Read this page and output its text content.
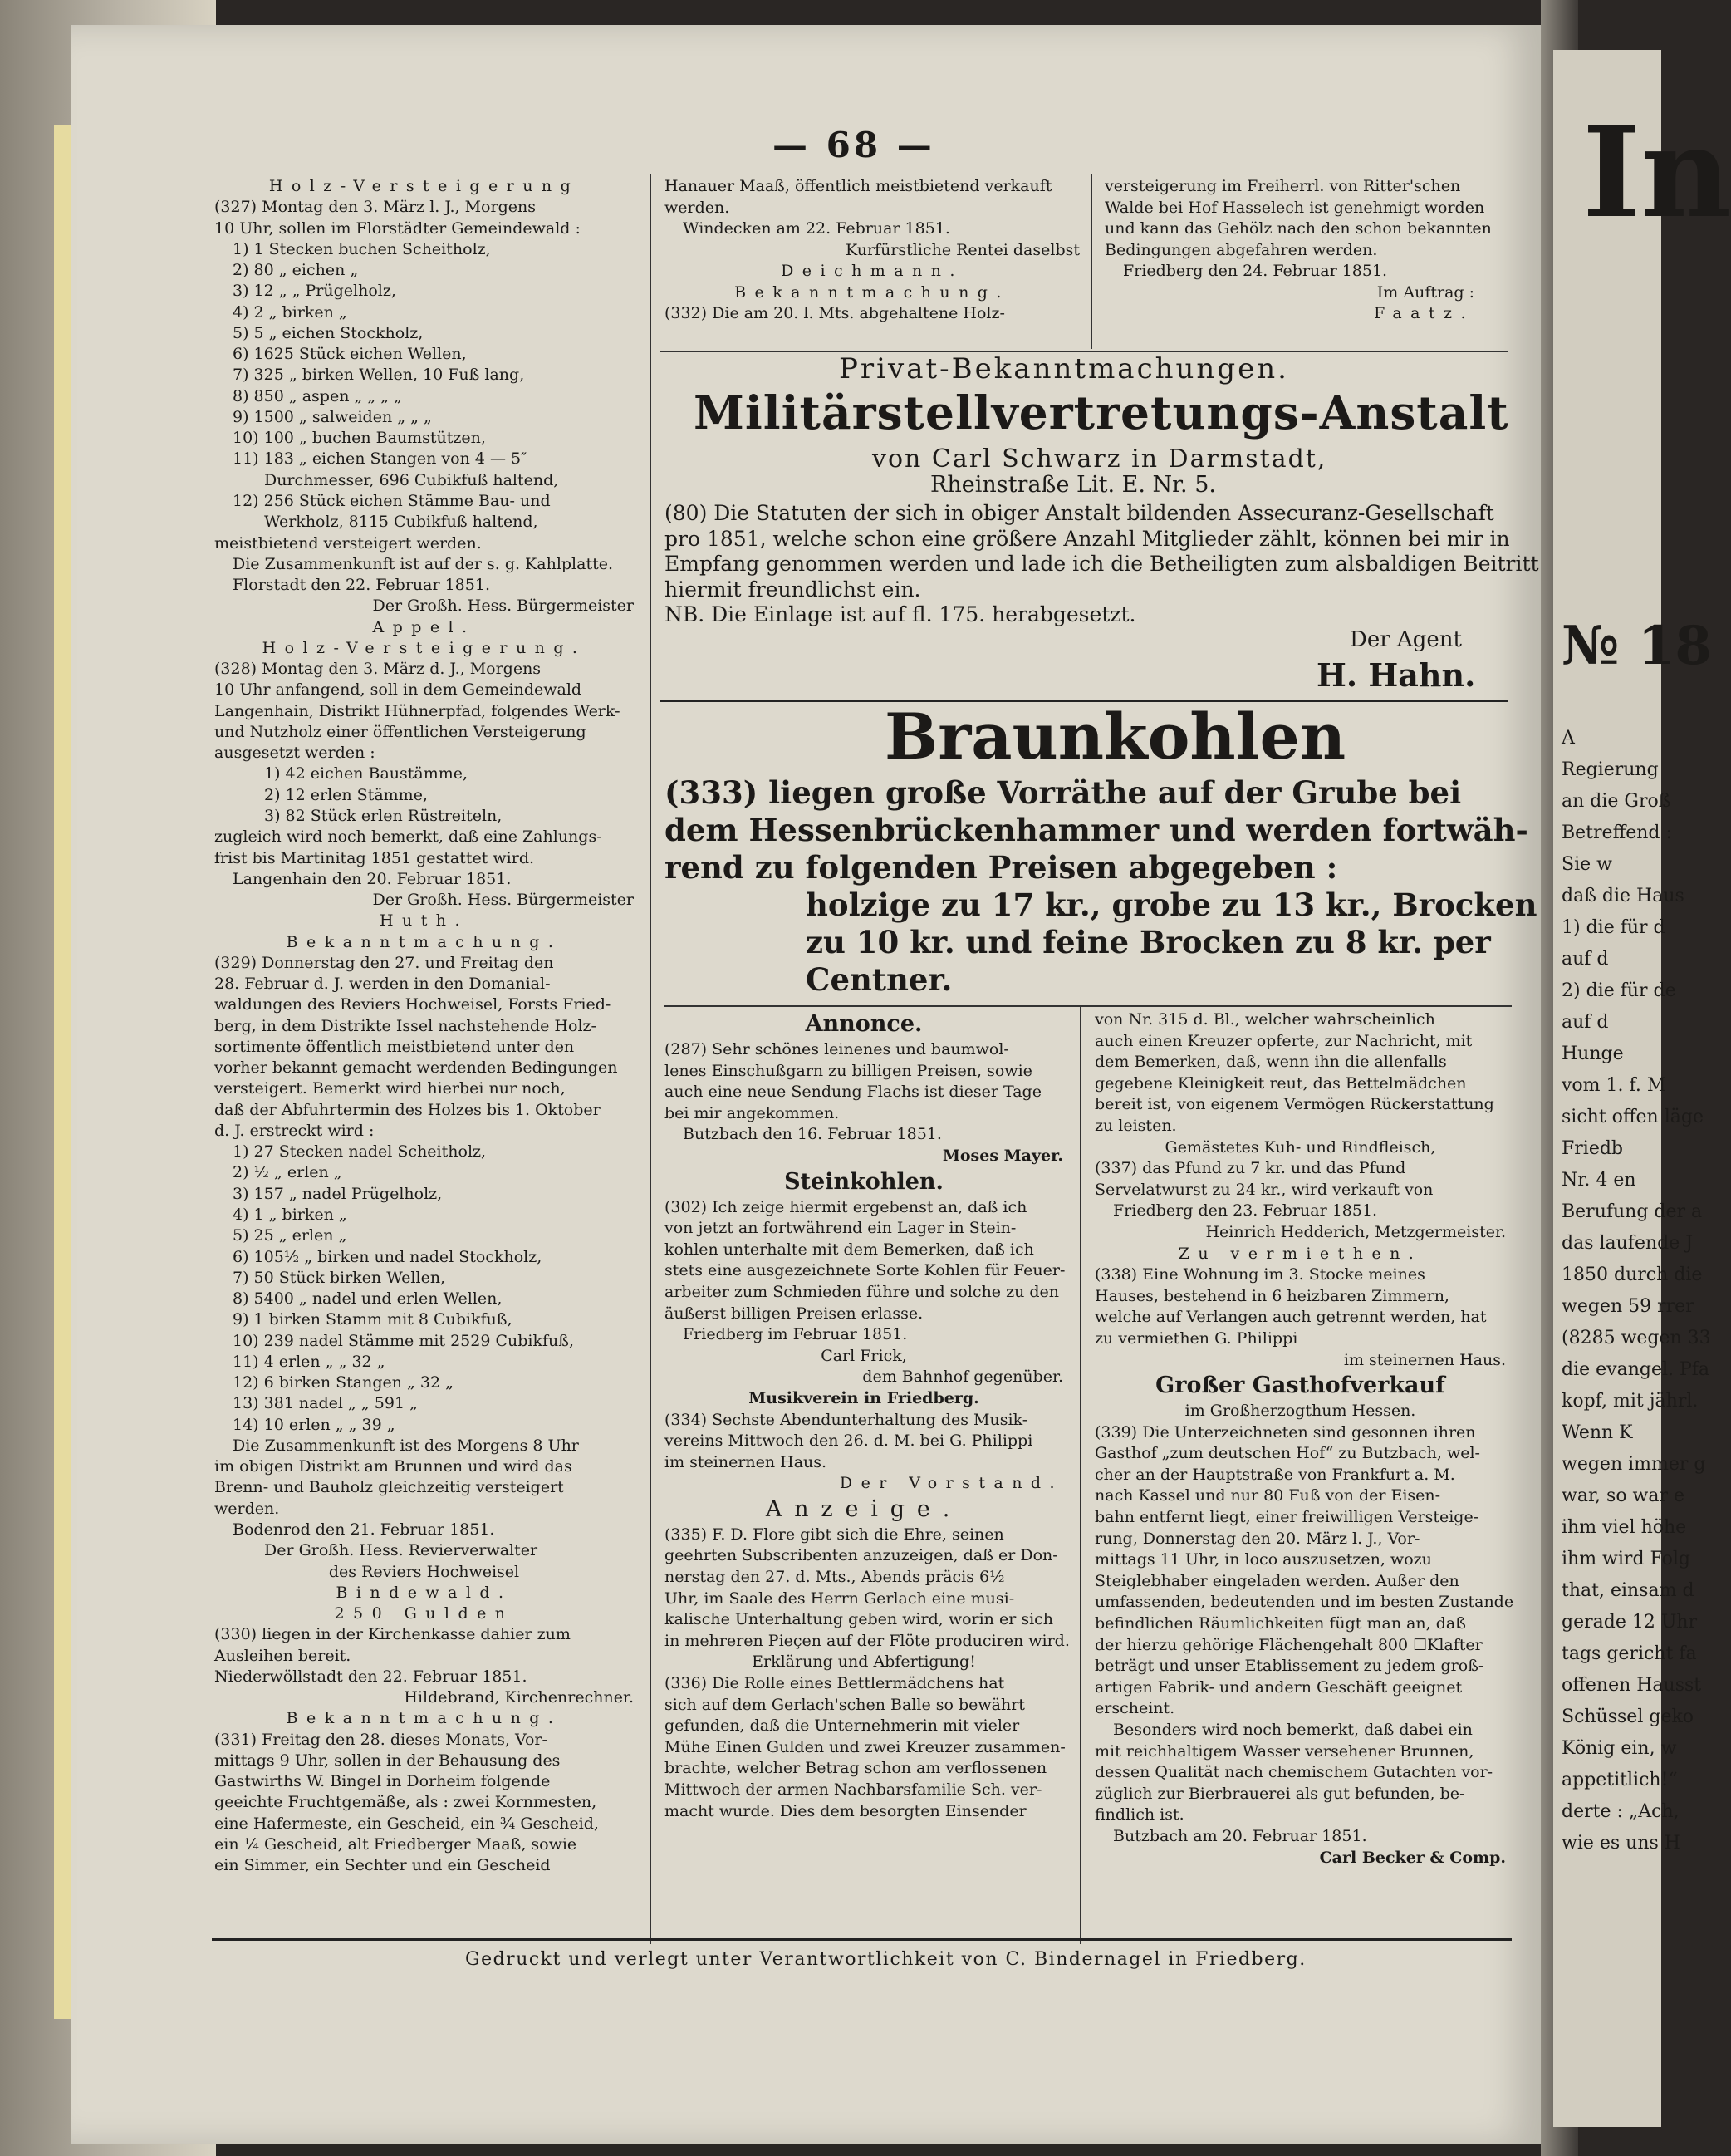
— 68 —
Holz-Versteigerung
(327) Montag den 3. März l. J., Morgens
10 Uhr, sollen im Florstädter Gemeindewald :
1) 1 Stecken buchen Scheitholz,
2) 80 „ eichen „
3) 12 „ „ Prügelholz,
4) 2 „ birken „
5) 5 „ eichen Stockholz,
6) 1625 Stück eichen Wellen,
7) 325 „ birken Wellen, 10 Fuß lang,
8) 850 „ aspen „ „ „ „
9) 1500 „ salweiden „ „ „
10) 100 „ buchen Baumstützen,
11) 183 „ eichen Stangen von 4 — 5″
Durchmesser, 696 Cubikfuß haltend,
12) 256 Stück eichen Stämme Bau- und
Werkholz, 8115 Cubikfuß haltend,
meistbietend versteigert werden.
Die Zusammenkunft ist auf der s. g. Kahlplatte.
Florstadt den 22. Februar 1851.
Der Großh. Hess. Bürgermeister
Appel.
Holz-Versteigerung.
(328) Montag den 3. März d. J., Morgens
10 Uhr anfangend, soll in dem Gemeindewald
Langenhain, Distrikt Hühnerpfad, folgendes Werk-
und Nutzholz einer öffentlichen Versteigerung
ausgesetzt werden :
1) 42 eichen Baustämme,
2) 12 erlen Stämme,
3) 82 Stück erlen Rüstreiteln,
zugleich wird noch bemerkt, daß eine Zahlungs-
frist bis Martinitag 1851 gestattet wird.
Langenhain den 20. Februar 1851.
Der Großh. Hess. Bürgermeister
Huth.
Bekanntmachung.
(329) Donnerstag den 27. und Freitag den
28. Februar d. J. werden in den Domanial-
waldungen des Reviers Hochweisel, Forsts Fried-
berg, in dem Distrikte Issel nachstehende Holz-
sortimente öffentlich meistbietend unter den
vorher bekannt gemacht werdenden Bedingungen
versteigert. Bemerkt wird hierbei nur noch,
daß der Abfuhrtermin des Holzes bis 1. Oktober
d. J. erstreckt wird :
1) 27 Stecken nadel Scheitholz,
2) ½ „ erlen „
3) 157 „ nadel Prügelholz,
4) 1 „ birken „
5) 25 „ erlen „
6) 105½ „ birken und nadel Stockholz,
7) 50 Stück birken Wellen,
8) 5400 „ nadel und erlen Wellen,
9) 1 birken Stamm mit 8 Cubikfuß,
10) 239 nadel Stämme mit 2529 Cubikfuß,
11) 4 erlen „ „ 32 „
12) 6 birken Stangen „ 32 „
13) 381 nadel „ „ 591 „
14) 10 erlen „ „ 39 „
Die Zusammenkunft ist des Morgens 8 Uhr
im obigen Distrikt am Brunnen und wird das
Brenn- und Bauholz gleichzeitig versteigert
werden.
Bodenrod den 21. Februar 1851.
Der Großh. Hess. Revierverwalter
des Reviers Hochweisel
Bindewald.
250 Gulden
(330) liegen in der Kirchenkasse dahier zum
Ausleihen bereit.
Niederwöllstadt den 22. Februar 1851.
Hildebrand, Kirchenrechner.
Bekanntmachung.
(331) Freitag den 28. dieses Monats, Vor-
mittags 9 Uhr, sollen in der Behausung des
Gastwirths W. Bingel in Dorheim folgende
geeichte Fruchtgemäße, als : zwei Kornmesten,
eine Hafermeste, ein Gescheid, ein ¾ Gescheid,
ein ¼ Gescheid, alt Friedberger Maaß, sowie
ein Simmer, ein Sechter und ein Gescheid
Hanauer Maaß, öffentlich meistbietend verkauft
werden.
Windecken am 22. Februar 1851.
Kurfürstliche Rentei daselbst
Deichmann.
Bekanntmachung.
(332) Die am 20. l. Mts. abgehaltene Holz-
versteigerung im Freiherrl. von Ritter'schen
Walde bei Hof Hasselech ist genehmigt worden
und kann das Gehölz nach den schon bekannten
Bedingungen abgefahren werden.
Friedberg den 24. Februar 1851.
Im Auftrag :
Faatz.
Privat-Bekanntmachungen.
Militärstellvertretungs-Anstalt
von Carl Schwarz in Darmstadt,
Rheinstraße Lit. E. Nr. 5.
(80) Die Statuten der sich in obiger Anstalt bildenden Assecuranz-Gesellschaft
pro 1851, welche schon eine größere Anzahl Mitglieder zählt, können bei mir in
Empfang genommen werden und lade ich die Betheiligten zum alsbaldigen Beitritt
hiermit freundlichst ein.
NB. Die Einlage ist auf fl. 175. herabgesetzt.
Der Agent
H. Hahn.
Braunkohlen
(333) liegen große Vorräthe auf der Grube bei
dem Hessenbrückenhammer und werden fortwäh-
rend zu folgenden Preisen abgegeben :
holzige zu 17 kr., grobe zu 13 kr., Brocken
zu 10 kr. und feine Brocken zu 8 kr. per
Centner.
Annonce.
(287) Sehr schönes leinenes und baumwol-
lenes Einschußgarn zu billigen Preisen, sowie
auch eine neue Sendung Flachs ist dieser Tage
bei mir angekommen.
Butzbach den 16. Februar 1851.
Moses Mayer.
Steinkohlen.
(302) Ich zeige hiermit ergebenst an, daß ich
von jetzt an fortwährend ein Lager in Stein-
kohlen unterhalte mit dem Bemerken, daß ich
stets eine ausgezeichnete Sorte Kohlen für Feuer-
arbeiter zum Schmieden führe und solche zu den
äußerst billigen Preisen erlasse.
Friedberg im Februar 1851.
Carl Frick,
dem Bahnhof gegenüber.
Musikverein in Friedberg.
(334) Sechste Abendunterhaltung des Musik-
vereins Mittwoch den 26. d. M. bei G. Philippi
im steinernen Haus.
Der Vorstand.
Anzeige.
(335) F. D. Flore gibt sich die Ehre, seinen
geehrten Subscribenten anzuzeigen, daß er Don-
nerstag den 27. d. Mts., Abends präcis 6½
Uhr, im Saale des Herrn Gerlach eine musi-
kalische Unterhaltung geben wird, worin er sich
in mehreren Pieçen auf der Flöte produciren wird.
Erklärung und Abfertigung!
(336) Die Rolle eines Bettlermädchens hat
sich auf dem Gerlach'schen Balle so bewährt
gefunden, daß die Unternehmerin mit vieler
Mühe Einen Gulden und zwei Kreuzer zusammen-
brachte, welcher Betrag schon am verflossenen
Mittwoch der armen Nachbarsfamilie Sch. ver-
macht wurde. Dies dem besorgten Einsender
von Nr. 315 d. Bl., welcher wahrscheinlich
auch einen Kreuzer opferte, zur Nachricht, mit
dem Bemerken, daß, wenn ihn die allenfalls
gegebene Kleinigkeit reut, das Bettelmädchen
bereit ist, von eigenem Vermögen Rückerstattung
zu leisten.
Gemästetes Kuh- und Rindfleisch,
(337) das Pfund zu 7 kr. und das Pfund
Servelatwurst zu 24 kr., wird verkauft von
Friedberg den 23. Februar 1851.
Heinrich Hedderich, Metzgermeister.
Zu vermiethen.
(338) Eine Wohnung im 3. Stocke meines
Hauses, bestehend in 6 heizbaren Zimmern,
welche auf Verlangen auch getrennt werden, hat
zu vermiethen G. Philippi
im steinernen Haus.
Großer Gasthofverkauf
im Großherzogthum Hessen.
(339) Die Unterzeichneten sind gesonnen ihren
Gasthof „zum deutschen Hof“ zu Butzbach, wel-
cher an der Hauptstraße von Frankfurt a. M.
nach Kassel und nur 80 Fuß von der Eisen-
bahn entfernt liegt, einer freiwilligen Versteige-
rung, Donnerstag den 20. März l. J., Vor-
mittags 11 Uhr, in loco auszusetzen, wozu
Steiglebhaber eingeladen werden. Außer den
umfassenden, bedeutenden und im besten Zustande
befindlichen Räumlichkeiten fügt man an, daß
der hierzu gehörige Flächengehalt 800 ☐Klafter
beträgt und unser Etablissement zu jedem groß-
artigen Fabrik- und andern Geschäft geeignet
erscheint.
Besonders wird noch bemerkt, daß dabei ein
mit reichhaltigem Wasser versehener Brunnen,
dessen Qualität nach chemischem Gutachten vor-
züglich zur Bierbrauerei als gut befunden, be-
findlich ist.
Butzbach am 20. Februar 1851.
Carl Becker & Comp.
Gedruckt und verlegt unter Verantwortlichkeit von C. Bindernagel in Friedberg.
In
№ 18
A
Regierung
an die Groß
Betreffend :
Sie w
daß die Haus
1) die für d
auf d
2) die für de
auf d
Hunge
vom 1. f. M
sicht offen läge
Friedb
Nr. 4 en
Berufung der a
das laufende J
1850 durch die
wegen 59 rrer
(8285 wegen 33
die evangel. Pfa
kopf, mit jährl.
Wenn K
wegen immer g
war, so war e
ihm viel höhe
ihm wird Folg
that, einsam d
gerade 12 Uhr
tags gericht fa
offenen Hausst
Schüssel geko
König ein, w
appetitlich!“
derte : „Ach,
wie es uns H
